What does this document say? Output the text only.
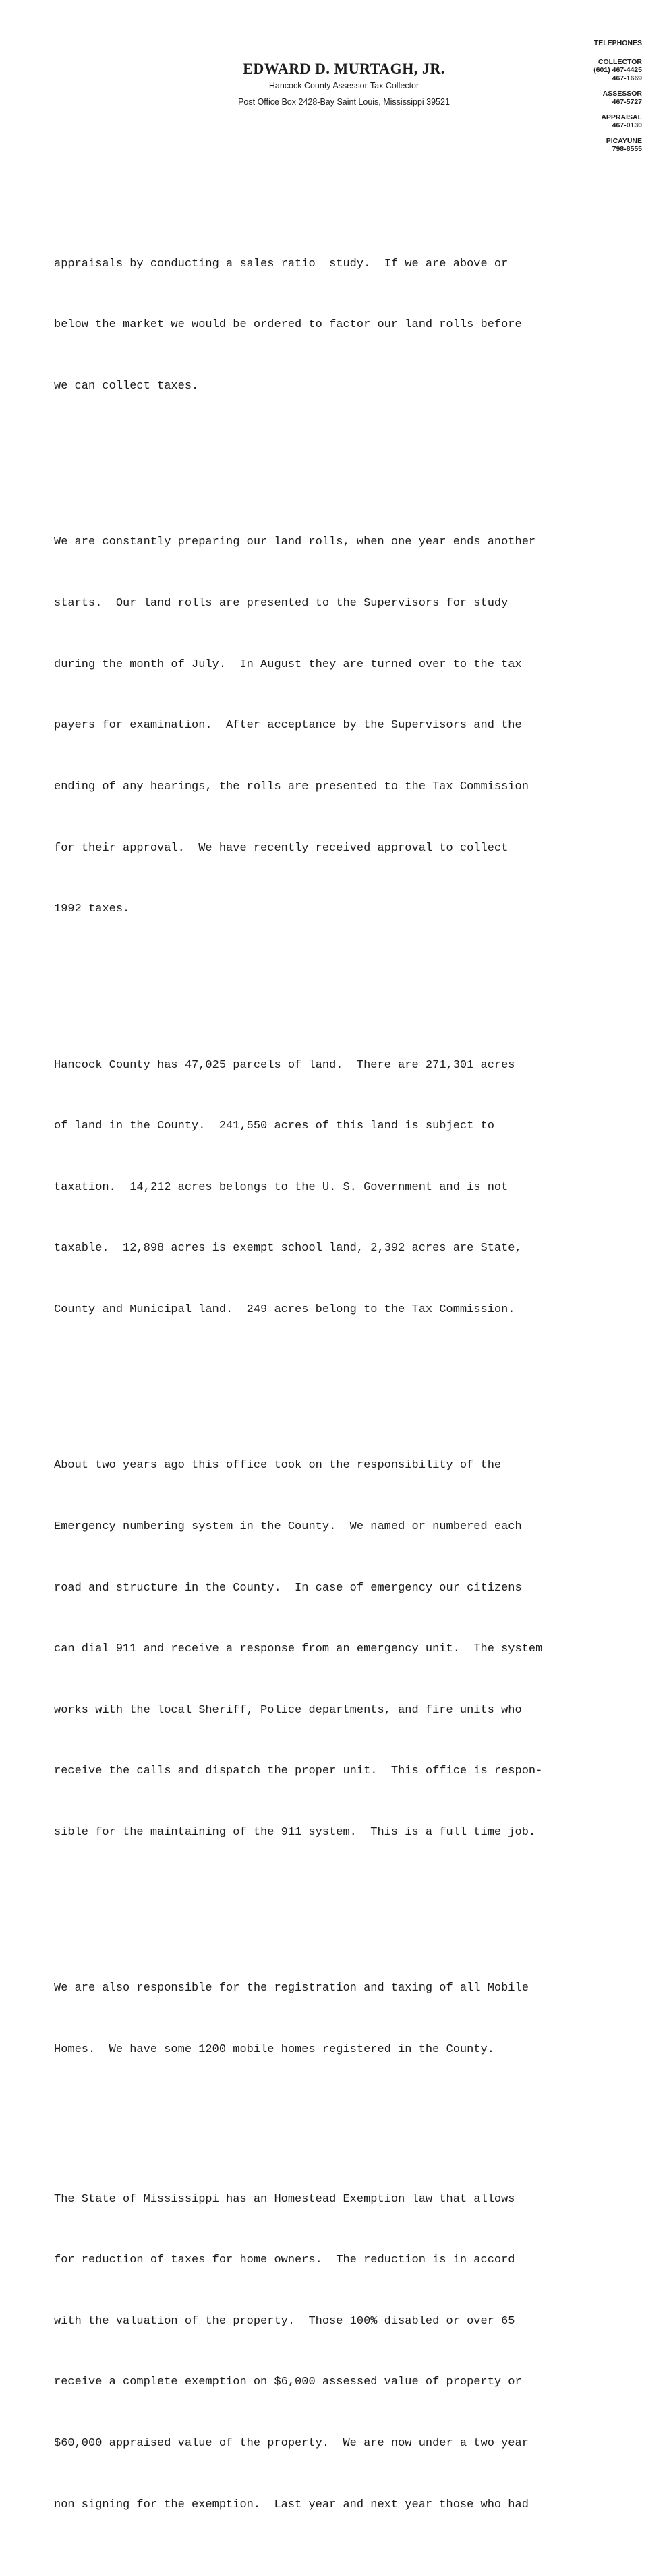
EDWARD D. MURTAGH, JR.
Hancock County Assessor-Tax Collector
Post Office Box 2428-Bay Saint Louis, Mississippi 39521
TELEPHONES
COLLECTOR
(601) 467-4425
467-1669
ASSESSOR
467-5727
APPRAISAL
467-0130
PICAYUNE
798-8555

appraisals by conducting a sales ratio  study.  If we are above or

below the market we would be ordered to factor our land rolls before

we can collect taxes.

We are constantly preparing our land rolls, when one year ends another

starts.  Our land rolls are presented to the Supervisors for study

during the month of July.  In August they are turned over to the tax

payers for examination.  After acceptance by the Supervisors and the

ending of any hearings, the rolls are presented to the Tax Commission

for their approval.  We have recently received approval to collect

1992 taxes.

Hancock County has 47,025 parcels of land.  There are 271,301 acres

of land in the County.  241,550 acres of this land is subject to

taxation.  14,212 acres belongs to the U. S. Government and is not

taxable.  12,898 acres is exempt school land, 2,392 acres are State,

County and Municipal land.  249 acres belong to the Tax Commission.

About two years ago this office took on the responsibility of the

Emergency numbering system in the County.  We named or numbered each

road and structure in the County.  In case of emergency our citizens

can dial 911 and receive a response from an emergency unit.  The system

works with the local Sheriff, Police departments, and fire units who

receive the calls and dispatch the proper unit.  This office is respon-

sible for the maintaining of the 911 system.  This is a full time job.

We are also responsible for the registration and taxing of all Mobile

Homes.  We have some 1200 mobile homes registered in the County.

The State of Mississippi has an Homestead Exemption law that allows

for reduction of taxes for home owners.  The reduction is in accord

with the valuation of the property.  Those 100% disabled or over 65

receive a complete exemption on $6,000 assessed value of property or

$60,000 appraised value of the property.  We are now under a two year

non signing for the exemption.  Last year and next year those who had
